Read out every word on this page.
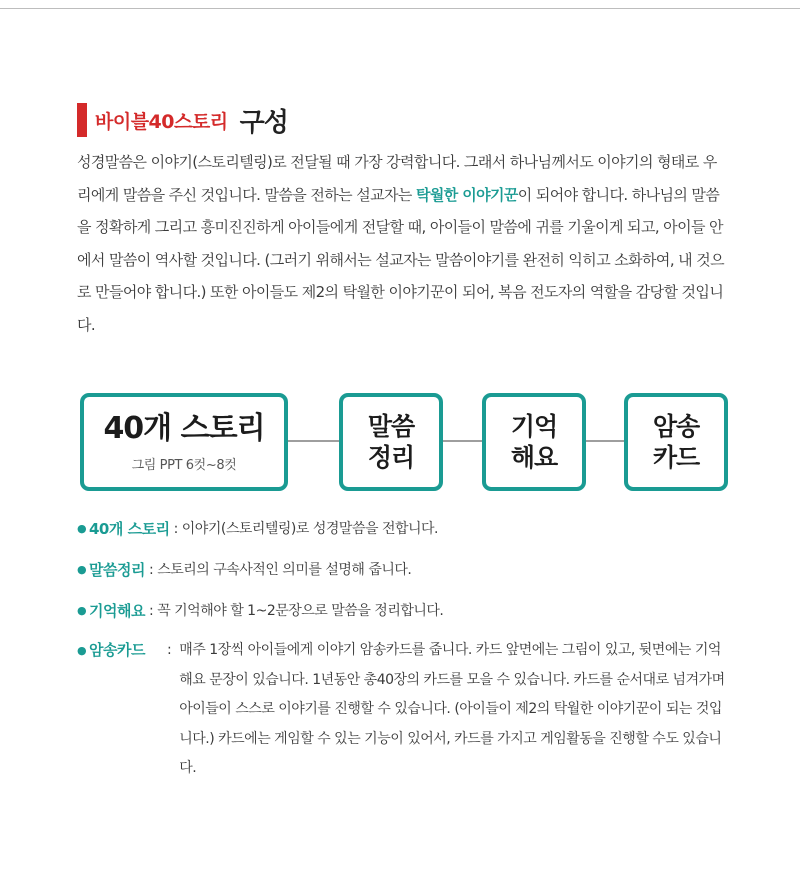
바이블40스토리 구성

성경말씀은 이야기(스토리텔링)로 전달될 때 가장 강력합니다. 그래서 하나님께서도 이야기의 형태로 우리에게 말씀을 주신 것입니다. 말씀을 전하는 설교자는 탁월한 이야기꾼이 되어야 합니다. 하나님의 말씀을 정확하게 그리고 흥미진진하게 아이들에게 전달할 때, 아이들이 말씀에 귀를 기울이게 되고, 아이들 안에서 말씀이 역사할 것입니다. (그러기 위해서는 설교자는 말씀이야기를 완전히 익히고 소화하여, 내 것으로 만들어야 합니다.) 또한 아이들도 제2의 탁월한 이야기꾼이 되어, 복음 전도자의 역할을 감당할 것입니다.

40개 스토리
그림 PPT 6컷~8컷
말씀
정리
기억
해요
암송
카드
● 40개 스토리 : 이야기(스토리텔링)로 성경말씀을 전합니다.
● 말씀정리 : 스토리의 구속사적인 의미를 설명해 줍니다.
● 기억해요 : 꼭 기억해야 할 1~2문장으로 말씀을 정리합니다.
● 암송카드	: 매주 1장씩 아이들에게 이야기 암송카드를 줍니다. 카드 앞면에는 그림이 있고, 뒷면에는 기억해요 문장이 있습니다. 1년동안 총40장의 카드를 모을 수 있습니다. 카드를 순서대로 넘겨가며 아이들이 스스로 이야기를 진행할 수 있습니다. (아이들이 제2의 탁월한 이야기꾼이 되는 것입니다.) 카드에는 게임할 수 있는 기능이 있어서, 카드를 가지고 게임활동을 진행할 수도 있습니다.
